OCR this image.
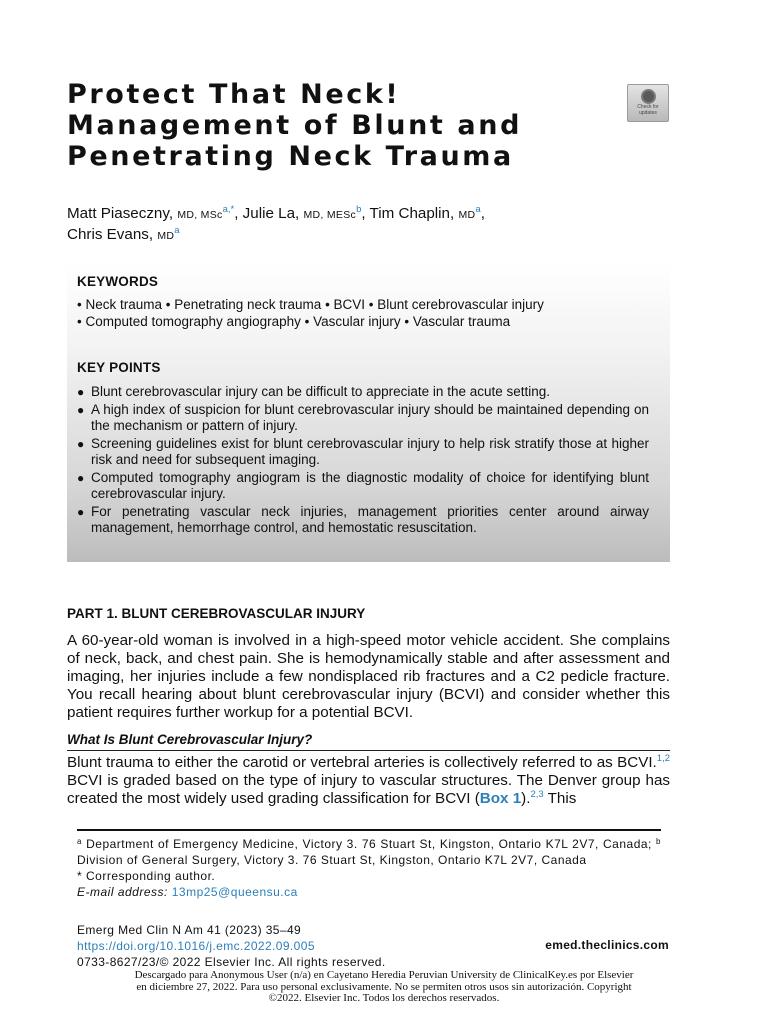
Protect That Neck!
Management of Blunt and
Penetrating Neck Trauma
Check for
updates
Matt Piaseczny, MD, MSc$^{a,*}$, Julie La, MD, MESc$^b$, Tim Chaplin, $MD^a$,
Chris Evans, $MD^a$
KEYWORDS
• Neck trauma • Penetrating neck trauma • BCVI • Blunt cerebrovascular injury
• Computed tomography angiography • Vascular injury • Vascular trauma
KEY POINTS
● Blunt cerebrovascular injury can be difficult to appreciate in the acute setting.
● A high index of suspicion for blunt cerebrovascular injury should be maintained depending on the mechanism or pattern of injury.
● Screening guidelines exist for blunt cerebrovascular injury to help risk stratify those at higher risk and need for subsequent imaging.
● Computed tomography angiogram is the diagnostic modality of choice for identifying blunt cerebrovascular injury.
● For penetrating vascular neck injuries, management priorities center around airway management, hemorrhage control, and hemostatic resuscitation.
PART 1. BLUNT CEREBROVASCULAR INJURY

A 60-year-old woman is involved in a high-speed motor vehicle accident. She complains of neck, back, and chest pain. She is hemodynamically stable and after assessment and imaging, her injuries include a few nondisplaced rib fractures and a C2 pedicle fracture. You recall hearing about blunt cerebrovascular injury (BCVI) and consider whether this patient requires further workup for a potential BCVI.

What Is Blunt Cerebrovascular Injury?

Blunt trauma to either the carotid or vertebral arteries is collectively referred to as BCVI.$^{1,2}$ BCVI is graded based on the type of injury to vascular structures. The Denver group has created the most widely used grading classification for BCVI (Box 1).$^{2,3}$ This

$^a$ Department of Emergency Medicine, Victory 3. 76 Stuart St, Kingston, Ontario K7L 2V7, Canada; $^b$ Division of General Surgery, Victory 3. 76 Stuart St, Kingston, Ontario K7L 2V7, Canada
* Corresponding author.
E-mail address: 13mp25@queensu.ca
Emerg Med Clin N Am 41 (2023) 35–49
https://doi.org/10.1016/j.emc.2022.09.005
0733-8627/23/© 2022 Elsevier Inc. All rights reserved.
emed.theclinics.com
Descargado para Anonymous User (n/a) en Cayetano Heredia Peruvian University de ClinicalKey.es por Elsevier en diciembre 27, 2022. Para uso personal exclusivamente. No se permiten otros usos sin autorización. Copyright ©2022. Elsevier Inc. Todos los derechos reservados.
